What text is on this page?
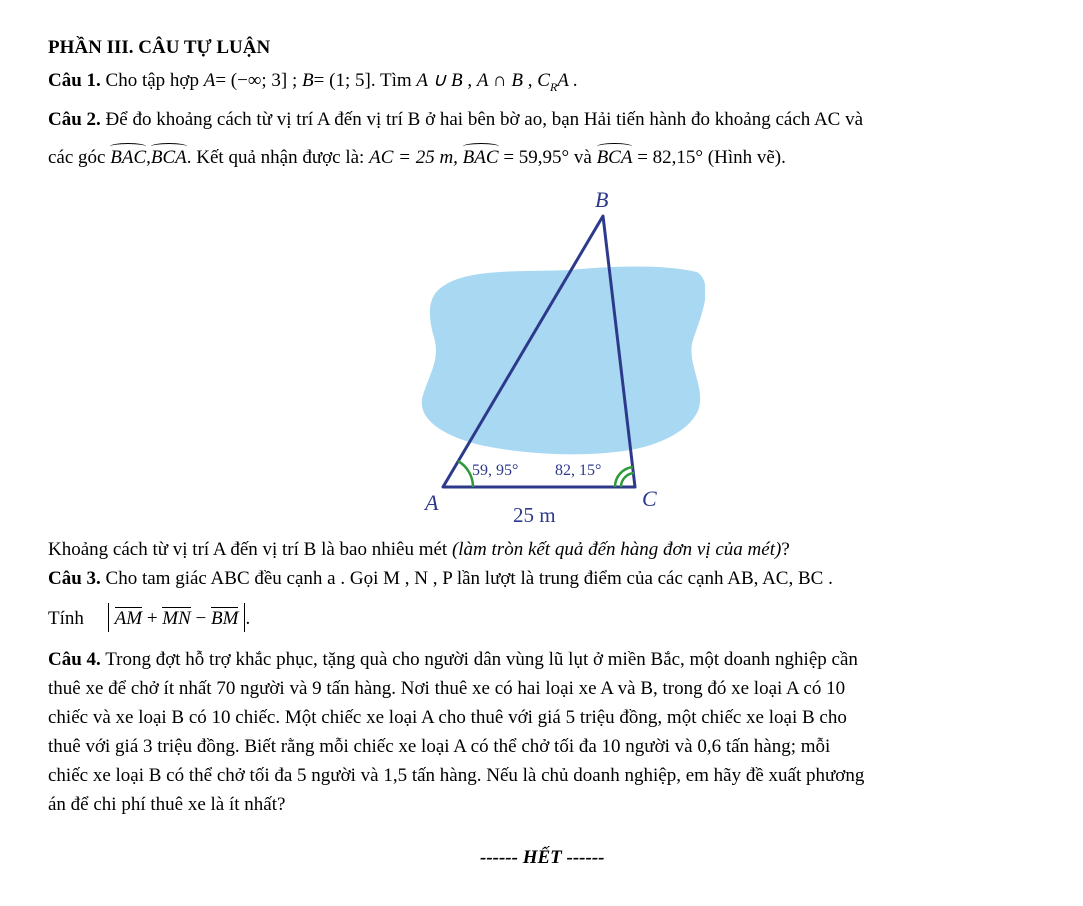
PHẦN III. CÂU TỰ LUẬN
Câu 1. Cho tập hợp A= (−∞; 3] ; B= (1; 5]. Tìm A ∪ B , A ∩ B , $C_RA$ .
Câu 2. Để đo khoảng cách từ vị trí A đến vị trí B ở hai bên bờ ao, bạn Hải tiến hành đo khoảng cách AC và
các góc BAC,BCA. Kết quả nhận được là: AC = 25 m, BAC = 59,95° và BCA = 82,15° (Hình vẽ).
B
A	C
59, 95° 82, 15°
25 m
Khoảng cách từ vị trí A đến vị trí B là bao nhiêu mét (làm tròn kết quả đến hàng đơn vị của mét)?
Câu 3. Cho tam giác ABC đều cạnh a . Gọi M , N , P lần lượt là trung điểm của các cạnh AB, AC, BC .
Tính AM + MN − BM .
Câu 4. Trong đợt hỗ trợ khắc phục, tặng quà cho người dân vùng lũ lụt ở miền Bắc, một doanh nghiệp cần
thuê xe để chở ít nhất 70 người và 9 tấn hàng. Nơi thuê xe có hai loại xe A và B, trong đó xe loại A có 10
chiếc và xe loại B có 10 chiếc. Một chiếc xe loại A cho thuê với giá 5 triệu đồng, một chiếc xe loại B cho
thuê với giá 3 triệu đồng. Biết rằng mỗi chiếc xe loại A có thể chở tối đa 10 người và 0,6 tấn hàng; mỗi
chiếc xe loại B có thể chở tối đa 5 người và 1,5 tấn hàng. Nếu là chủ doanh nghiệp, em hãy đề xuất phương
án để chi phí thuê xe là ít nhất?
------ HẾT ------
